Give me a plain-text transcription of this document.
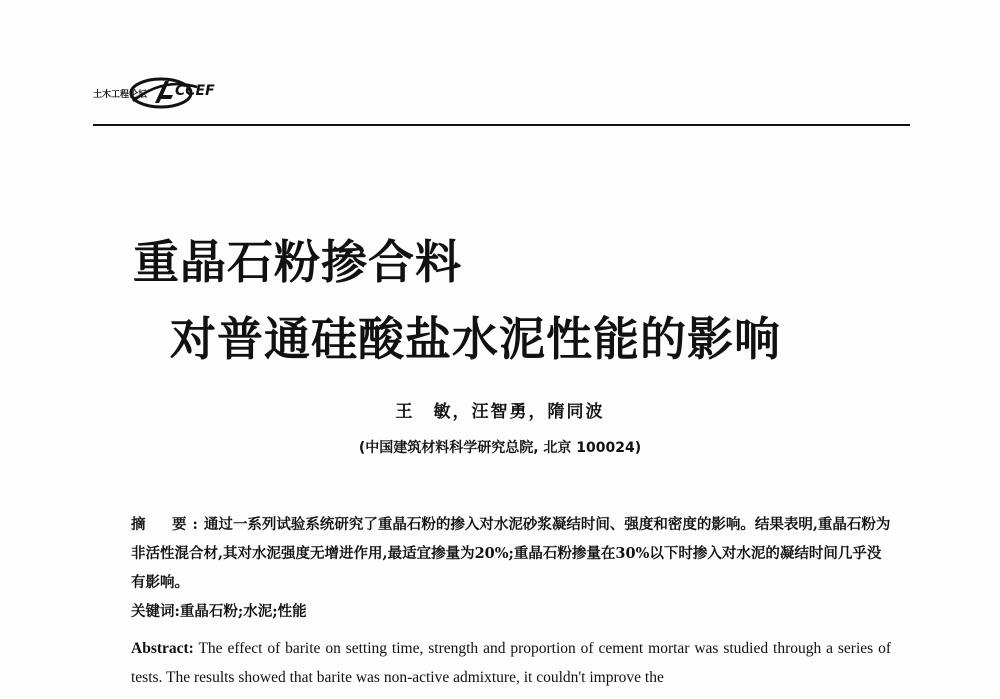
土木工程论坛 CCEF
重晶石粉掺合料
对普通硅酸盐水泥性能的影响
王　敏，汪智勇，隋同波
(中国建筑材料科学研究总院, 北京 100024)
摘　要:通过一系列试验系统研究了重晶石粉的掺入对水泥砂浆凝结时间、强度和密度的影响。结果表明,重晶石粉为非活性混合材,其对水泥强度无增进作用,最适宜掺量为20%;重晶石粉掺量在30%以下时掺入对水泥的凝结时间几乎没有影响。
关键词:重晶石粉;水泥;性能
Abstract: The effect of barite on setting time, strength and proportion of cement mortar was studied through a series of tests. The results showed that barite was non-active admixture, it couldn't improve the
